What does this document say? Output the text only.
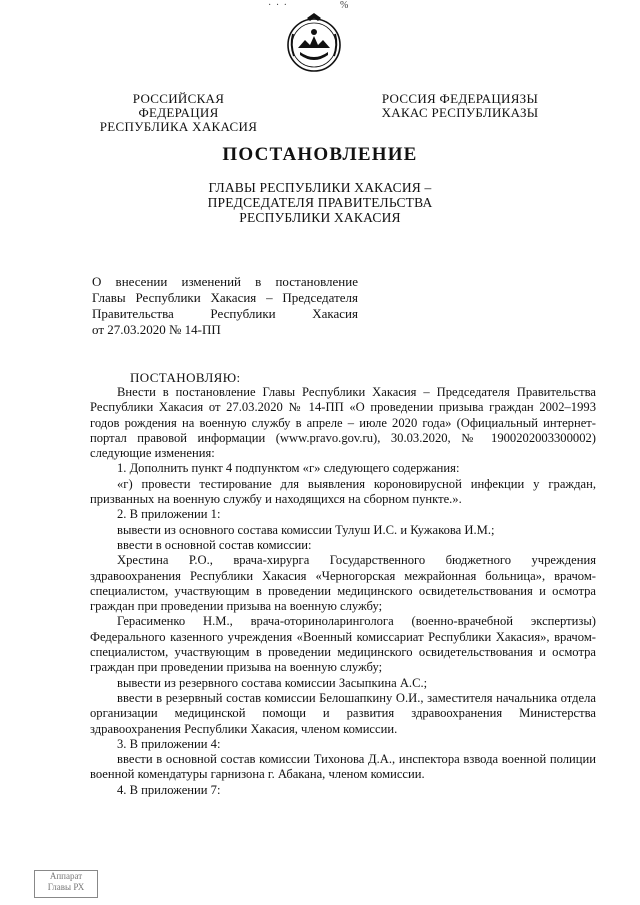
· · ·	%
РОССИЙСКАЯ ФЕДЕРАЦИЯ
РЕСПУБЛИКА ХАКАСИЯ
РОССИЯ ФЕДЕРАЦИЯЗЫ
ХАКАС РЕСПУБЛИКАЗЫ
ПОСТАНОВЛЕНИЕ
ГЛАВЫ РЕСПУБЛИКИ ХАКАСИЯ –
ПРЕДСЕДАТЕЛЯ ПРАВИТЕЛЬСТВА
РЕСПУБЛИКИ ХАКАСИЯ
О внесении изменений в постановление
Главы Республики Хакасия – Председателя
Правительства Республики Хакасия
от 27.03.2020 № 14-ПП
ПОСТАНОВЛЯЮ:

Внести в постановление Главы Республики Хакасия – Председателя Правительства Республики Хакасия от 27.03.2020 № 14-ПП «О проведении призыва граждан 2002–1993 годов рождения на военную службу в апреле – июле 2020 года» (Официальный интернет-портал правовой информации (www.pravo.gov.ru), 30.03.2020, № 1900202003300002) следующие изменения:

1. Дополнить пункт 4 подпунктом «г» следующего содержания:

«г) провести тестирование для выявления короновирусной инфекции у граждан, призванных на военную службу и находящихся на сборном пункте.».

2. В приложении 1:

вывести из основного состава комиссии Тулуш И.С. и Кужакова И.М.;

ввести в основной состав комиссии:

Хрестина Р.О., врача-хирурга Государственного бюджетного учреждения здравоохранения Республики Хакасия «Черногорская межрайонная больница», врачом-специалистом, участвующим в проведении медицинского освидетельствования и осмотра граждан при проведении призыва на военную службу;

Герасименко Н.М., врача-оториноларинголога (военно-врачебной экспертизы) Федерального казенного учреждения «Военный комиссариат Республики Хакасия», врачом-специалистом, участвующим в проведении медицинского освидетельствования и осмотра граждан при проведении призыва на военную службу;

вывести из резервного состава комиссии Засыпкина А.С.;

ввести в резервный состав комиссии Белошапкину О.И., заместителя начальника отдела организации медицинской помощи и развития здравоохранения Министерства здравоохранения Республики Хакасия, членом комиссии.

3. В приложении 4:

ввести в основной состав комиссии Тихонова Д.А., инспектора взвода военной полиции военной комендатуры гарнизона г. Абакана, членом комиссии.

4. В приложении 7:

Аппарат
Главы РХ
